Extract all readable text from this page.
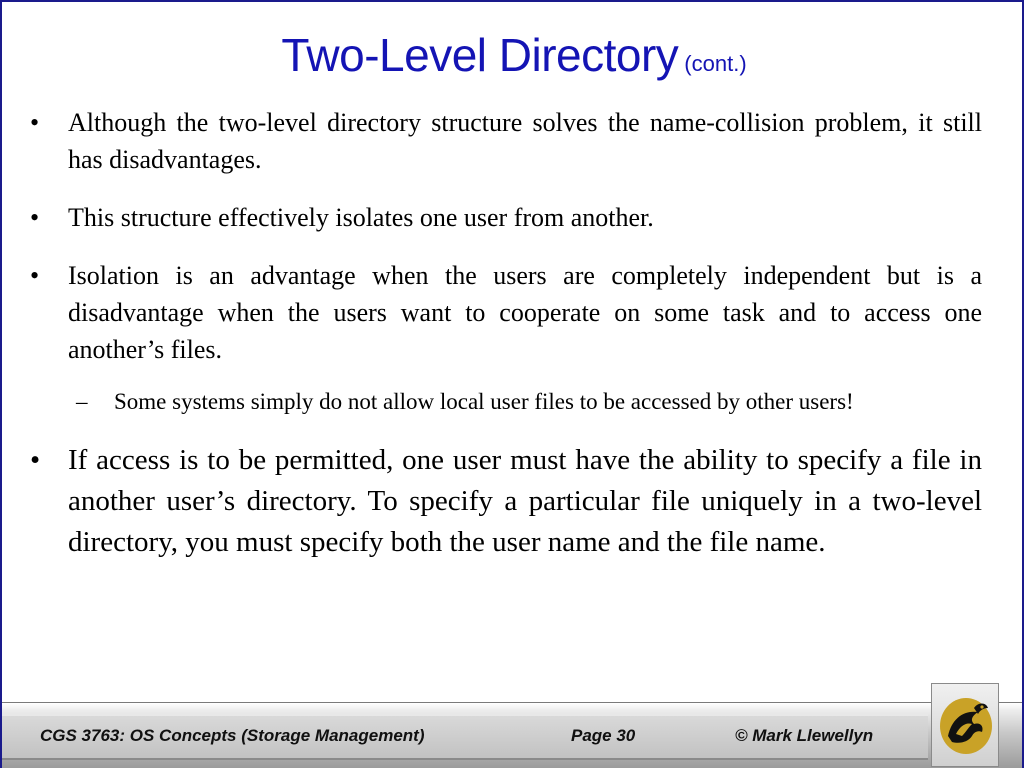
Two-Level Directory (cont.)
•	Although the two-level directory structure solves the name-collision problem, it still has disadvantages.
•	This structure effectively isolates one user from another.
•	Isolation is an advantage when the users are completely independent but is a disadvantage when the users want to cooperate on some task and to access one another’s files.
–	Some systems simply do not allow local user files to be accessed by other users!
• If access is to be permitted, one user must have the ability to specify a file in another user’s directory. To specify a particular file uniquely in a two-level directory, you must specify both the user name and the file name.
CGS 3763: OS Concepts (Storage Management)	Page 30	© Mark Llewellyn
